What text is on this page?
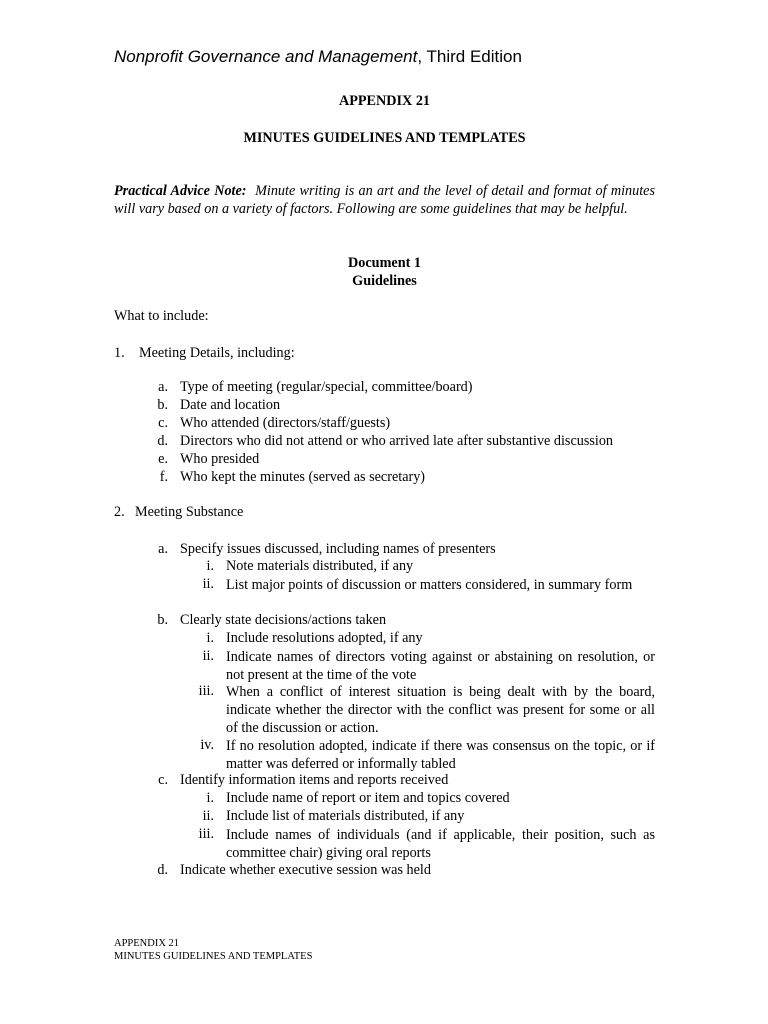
Nonprofit Governance and Management, Third Edition
APPENDIX 21
MINUTES GUIDELINES AND TEMPLATES
Practical Advice Note: Minute writing is an art and the level of detail and format of minutes will vary based on a variety of factors. Following are some guidelines that may be helpful.
Document 1
Guidelines
What to include:
1. Meeting Details, including:
a. Type of meeting (regular/special, committee/board)
b. Date and location
c. Who attended (directors/staff/guests)
d. Directors who did not attend or who arrived late after substantive discussion
e. Who presided
f. Who kept the minutes (served as secretary)
2. Meeting Substance
a. Specify issues discussed, including names of presenters
i. Note materials distributed, if any
ii. List major points of discussion or matters considered, in summary form
b. Clearly state decisions/actions taken
i. Include resolutions adopted, if any
ii. Indicate names of directors voting against or abstaining on resolution, or not present at the time of the vote
iii. When a conflict of interest situation is being dealt with by the board, indicate whether the director with the conflict was present for some or all of the discussion or action.
iv. If no resolution adopted, indicate if there was consensus on the topic, or if matter was deferred or informally tabled
c. Identify information items and reports received
i. Include name of report or item and topics covered
ii. Include list of materials distributed, if any
iii. Include names of individuals (and if applicable, their position, such as committee chair) giving oral reports
d. Indicate whether executive session was held
APPENDIX 21
MINUTES GUIDELINES AND TEMPLATES
